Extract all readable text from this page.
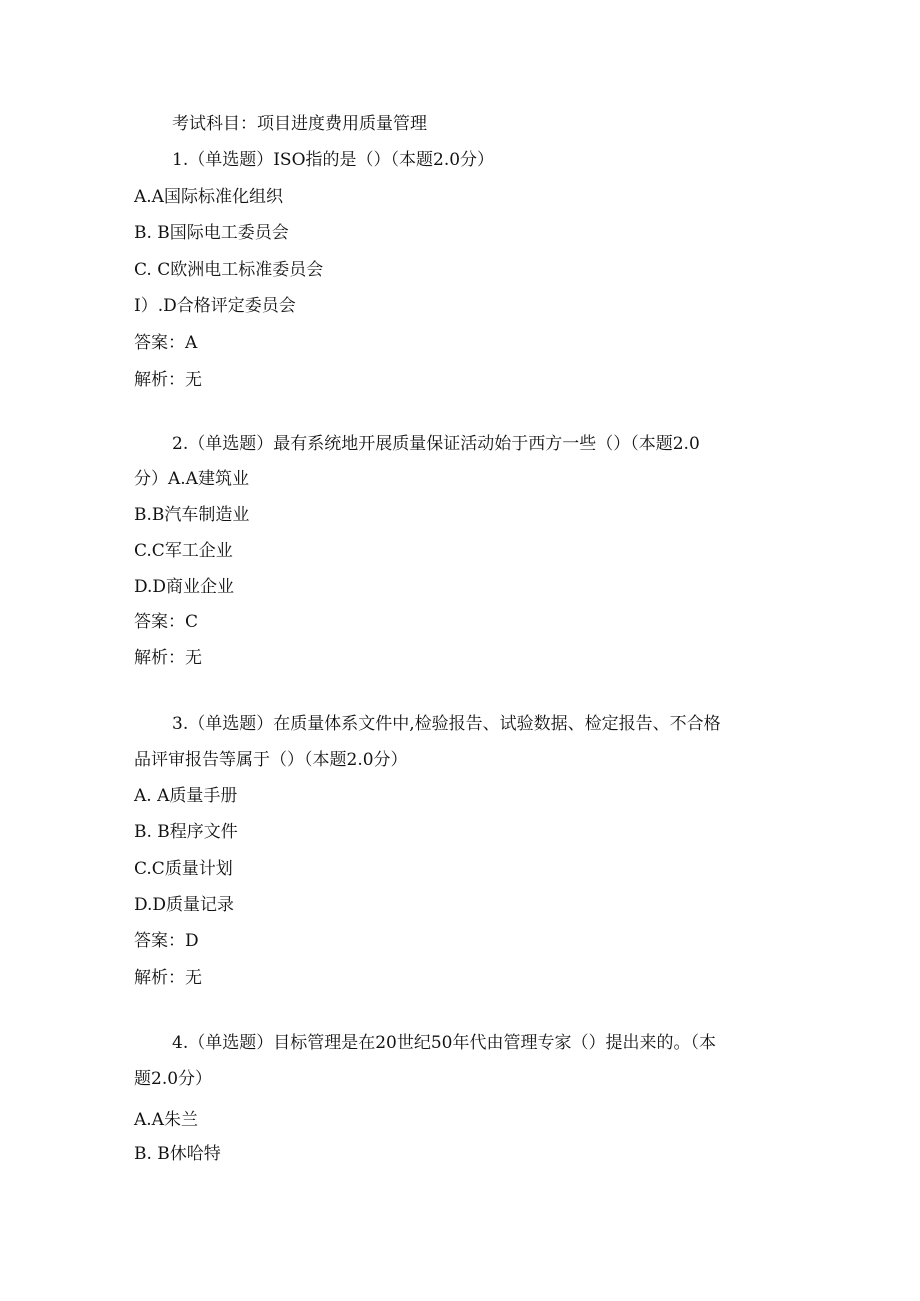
考试科目：项目进度费用质量管理
1.（单选题）ISO指的是（）（本题2.0分）
A.A国际标准化组织
B. B国际电工委员会
C. C欧洲电工标准委员会
I）.D合格评定委员会
答案：A
解析：无
2.（单选题）最有系统地开展质量保证活动始于西方一些（）（本题2.0
分）A.A建筑业
B.B汽车制造业
C.C军工企业
D.D商业企业
答案：C
解析：无
3.（单选题）在质量体系文件中,检验报告、试验数据、检定报告、不合格
品评审报告等属于（）（本题2.0分）
A. A质量手册
B. B程序文件
C.C质量计划
D.D质量记录
答案：D
解析：无
4.（单选题）目标管理是在20世纪50年代由管理专家（）提出来的。（本
题2.0分）
A.A朱兰
B. B休哈特
